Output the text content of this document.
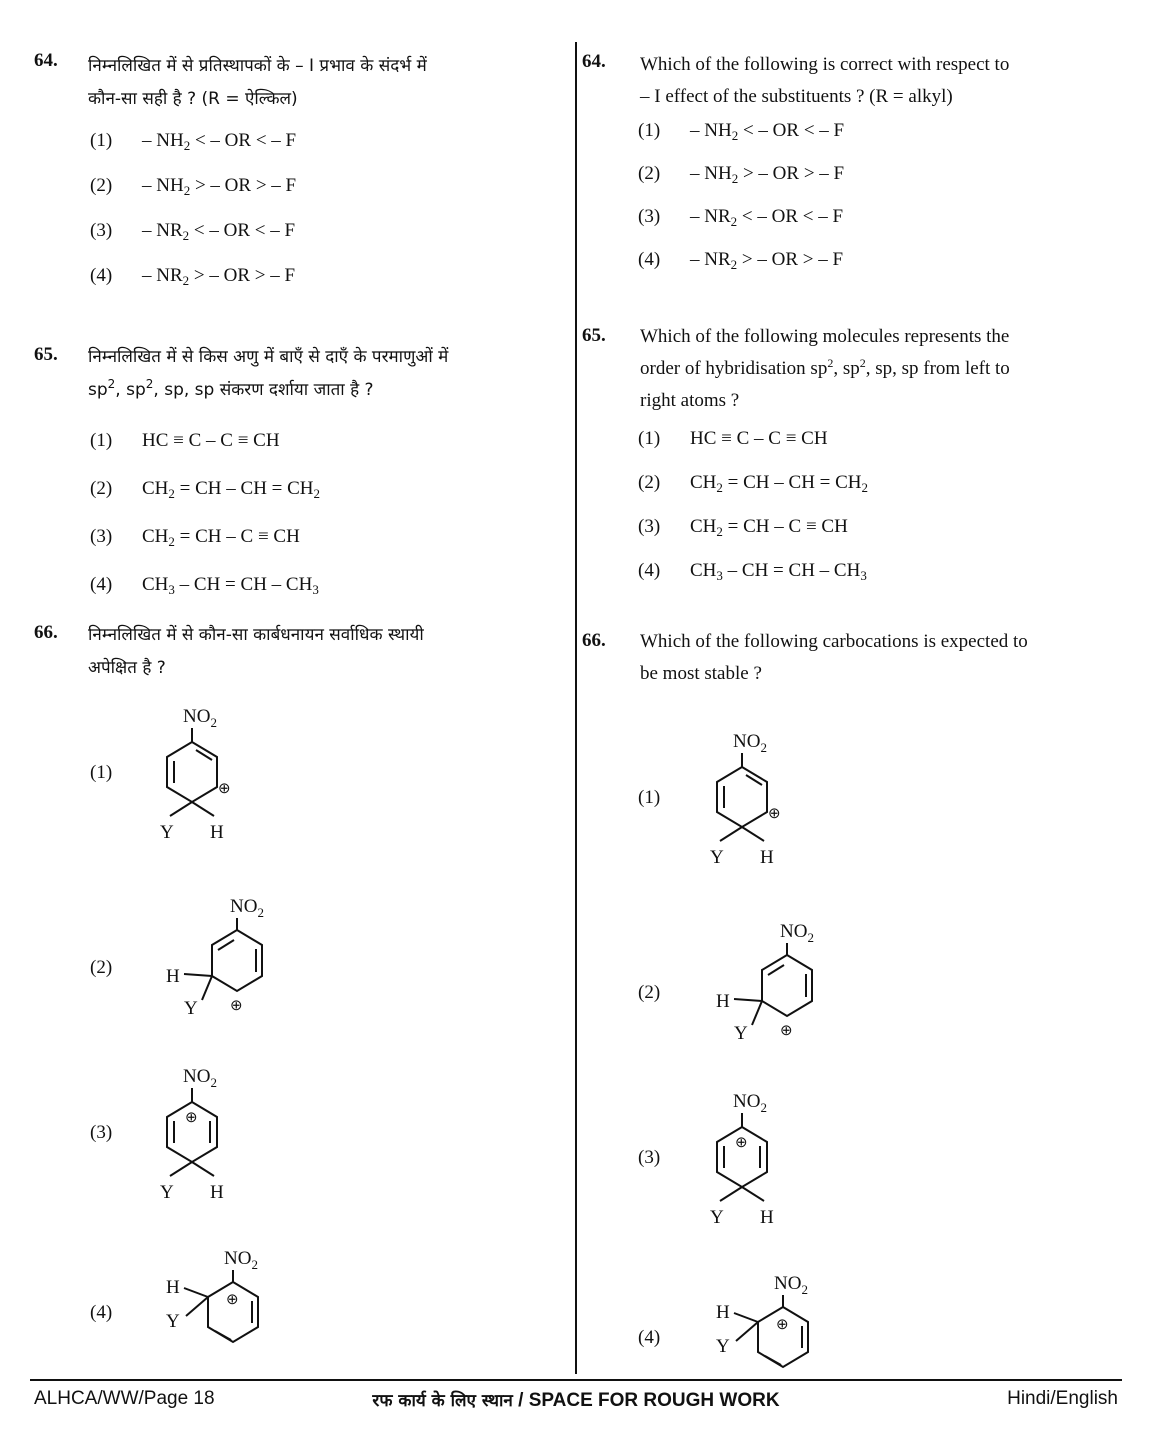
64. निम्नलिखित में से प्रतिस्थापकों के – I प्रभाव के संदर्भ में
कौन-सा सही है ? (R = ऐल्किल)
$(1) - NH_2$ < – OR < – F
$(2) - NH_2$ > – OR > – F
$(3) - NR_2$ < – OR < – F
$(4) - NR_2$ > – OR > – F
65. निम्नलिखित में से किस अणु में बाएँ से दाएँ के परमाणुओं में
$sp^2$, $sp^2$, sp, sp संकरण दर्शाया जाता है ?
(1) HC ≡ C – C ≡ CH
(2) $CH_2$ = CH – CH = $CH_2$
(3) $CH_2$ = CH – C ≡ CH
(4) $CH_3$ – CH = CH – $CH_3$
66. निम्नलिखित में से कौन-सा कार्बधनायन सर्वाधिक स्थायी
अपेक्षित है ?
(1)
(2)
(3)
(4)
64. Which of the following is correct with respect to
– I effect of the substituents ? (R = alkyl)
$(1) - NH_2$ < – OR < – F
$(2) - NH_2$ > – OR > – F
$(3) - NR_2$ < – OR < – F
$(4) - NR_2$ > – OR > – F
65. Which of the following molecules represents the
order of hybridisation $sp^2$, $sp^2$, sp, sp from left to
right atoms ?
(1) HC ≡ C – C ≡ CH
(2) $CH_2$ = CH – CH = $CH_2$
(3) $CH_2$ = CH – C ≡ CH
(4) $CH_3$ – CH = CH – $CH_3$
66. Which of the following carbocations is expected to
be most stable ?
(1)
(2)
(3)
(4)
$NO_2$
⊕
Y H
$NO_2$
⊕
H
Y
$NO_2$
⊕
Y H
$NO_2$
⊕
H
Y
$NO_2$
⊕
Y H
$NO_2$
⊕
H
Y
$NO_2$
⊕
Y H
$NO_2$
⊕
H
Y
ALHCA/WW/Page 18	रफ कार्य के लिए स्थान / SPACE FOR ROUGH WORK	Hindi/English
